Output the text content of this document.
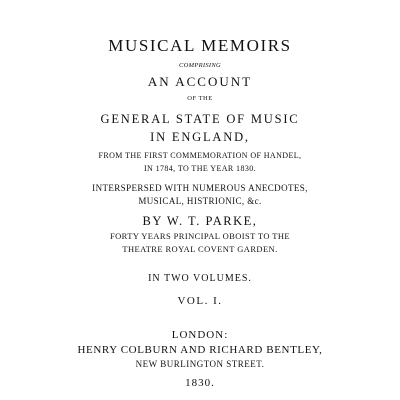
MUSICAL MEMOIRS
COMPRISING
AN ACCOUNT
OF THE
GENERAL STATE OF MUSIC
IN ENGLAND,
FROM THE FIRST COMMEMORATION OF HANDEL,
IN 1784, TO THE YEAR 1830.
INTERSPERSED WITH NUMEROUS ANECDOTES,
MUSICAL, HISTRIONIC, &c.
BY W. T. PARKE,
FORTY YEARS PRINCIPAL OBOIST TO THE
THEATRE ROYAL COVENT GARDEN.
IN TWO VOLUMES.
VOL. I.
LONDON:
HENRY COLBURN AND RICHARD BENTLEY,
NEW BURLINGTON STREET.
1830.
